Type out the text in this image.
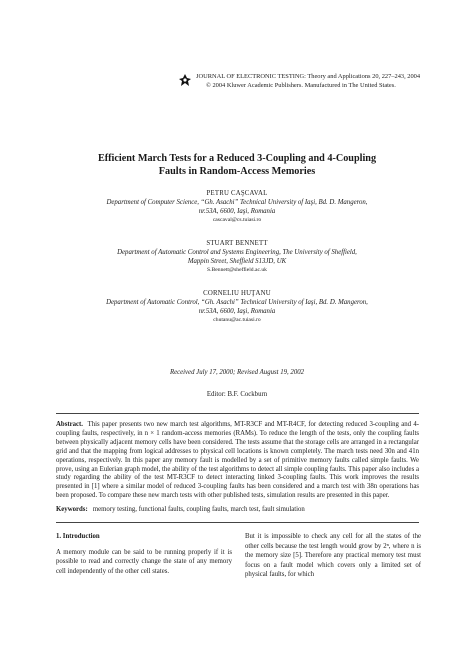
JOURNAL OF ELECTRONIC TESTING: Theory and Applications 20, 227–243, 2004
© 2004 Kluwer Academic Publishers. Manufactured in The United States.
Efficient March Tests for a Reduced 3-Coupling and 4-Coupling
Faults in Random-Access Memories
PETRU CAŞCAVAL
Department of Computer Science, “Gh. Asachi” Technical University of Iaşi, Bd. D. Mangeron,
nr.53A, 6600, Iaşi, Romania
cascaval@cs.tuiasi.ro
STUART BENNETT
Department of Automatic Control and Systems Engineering, The University of Sheffield,
Mappin Street, Sheffield S13JD, UK
S.Bennett@sheffield.ac.uk
CORNELIU HUŢANU
Department of Automatic Control, “Gh. Asachi” Technical University of Iaşi, Bd. D. Mangeron,
nr.53A, 6600, Iaşi, Romania
chutanu@ac.tuiasi.ro
Received July 17, 2000; Revised August 19, 2002
Editor: B.F. Cockburn
Abstract. This paper presents two new march test algorithms, MT-R3CF and MT-R4CF, for detecting reduced 3-coupling and 4-coupling faults, respectively, in n × 1 random-access memories (RAMs). To reduce the length of the tests, only the coupling faults between physically adjacent memory cells have been considered. The tests assume that the storage cells are arranged in a rectangular grid and that the mapping from logical addresses to physical cell locations is known completely. The march tests need 30n and 41n operations, respectively. In this paper any memory fault is modelled by a set of primitive memory faults called simple faults. We prove, using an Eulerian graph model, the ability of the test algorithms to detect all simple coupling faults. This paper also includes a study regarding the ability of the test MT-R3CF to detect interacting linked 3-coupling faults. This work improves the results presented in [1] where a similar model of reduced 3-coupling faults has been considered and a march test with 38n operations has been proposed. To compare these new march tests with other published tests, simulation results are presented in this paper.
Keywords: memory testing, functional faults, coupling faults, march test, fault simulation
1. Introduction
A memory module can be said to be running properly if it is possible to read and correctly change the state of any memory cell independently of the other cell states.
But it is impossible to check any cell for all the states of the other cells because the test length would grow by 2ⁿ, where n is the memory size [5]. Therefore any practical memory test must focus on a fault model which covers only a limited set of physical faults, for which
